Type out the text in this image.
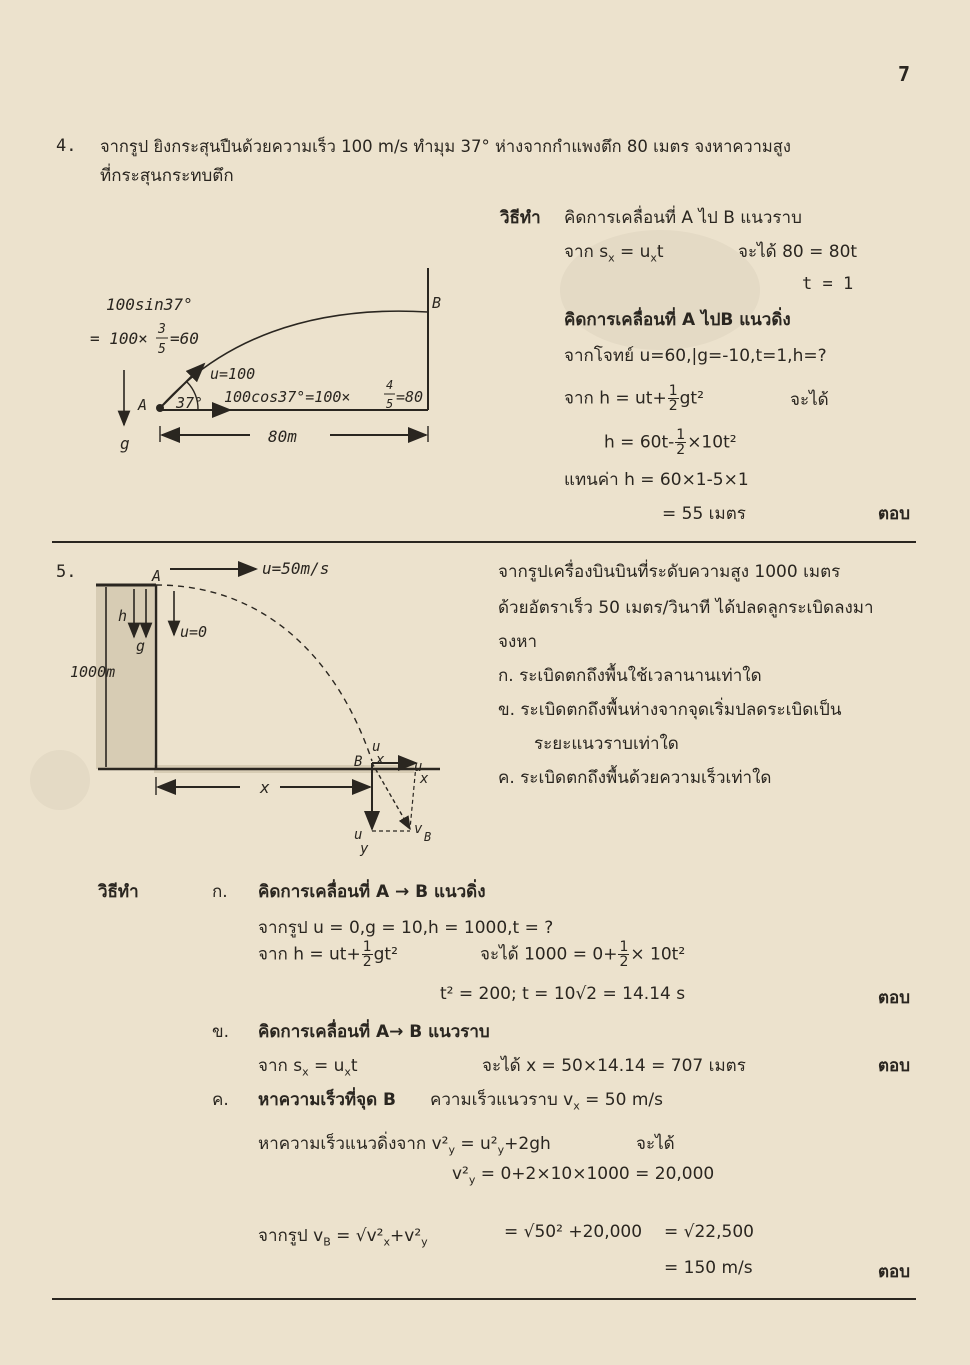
7
4. จากรูป ยิงกระสุนปืนด้วยความเร็ว 100 m/s ทำมุม 37° ห่างจากกำแพงตึก 80 เมตร จงหาความสูง
ที่กระสุนกระทบตึก
100sin37°
= 100× 3
5
=60
u=100
37° 100cos37°=100×
4
5 =80
A
B
g	80m
วิธีทำ คิดการเคลื่อนที่ A ไป B แนวราบ
จาก $s_x = u_xt$	จะได้ 80 = 80t
t = 1
คิดการเคลื่อนที่ A ไปB แนวดิ่ง
จากโจทย์ u=60,|g=-10,t=1,h=?
จาก $h = ut+ \frac{1}{2} gt^2$	จะได้
$h = 60t- \frac{1}{2} \times 10t^2$
แทนค่า h = 60×1-5×1
= 55 เมตร	ตอบ
5.	A	u=50m/s
h
g
u=0
1000m
B
u
x u
x
u
y
v B
x
จากรูปเครื่องบินบินที่ระดับความสูง 1000 เมตร
ด้วยอัตราเร็ว 50 เมตร/วินาที ได้ปลดลูกระเบิดลงมา
จงหา
ก. ระเบิดตกถึงพื้นใช้เวลานานเท่าใด
ข. ระเบิดตกถึงพื้นห่างจากจุดเริ่มปลดระเบิดเป็น
ระยะแนวราบเท่าใด
ค. ระเบิดตกถึงพื้นด้วยความเร็วเท่าใด
วิธีทำ	ก. คิดการเคลื่อนที่ A → B แนวดิ่ง
จากรูป u = 0,g = 10,h = 1000,t = ?
จาก $h = ut+ \frac{1}{2} gt^2$	จะได้ $1000 = 0+ \frac{1}{2} \times 10t^2$
t² = 200; t = 10√2 = 14.14 s	ตอบ
ข. คิดการเคลื่อนที่ A→ B แนวราบ
จาก $s_x = u_xt$	จะได้ x = 50×14.14 = 707 เมตร	ตอบ
ค. หาความเร็วที่จุด B ความเร็วแนวราบ $v_x = 50$ m/s
หาความเร็วแนวดิ่งจาก $v^2_y = u^2_y+2gh$	จะได้
$v^2_y = 0+2\times 10\times 1000 = 20,000$
จากรูป $v_B = √v^2_x+v^2_y$	= √50² +20,000 = √22,500
= 150 m/s	ตอบ
